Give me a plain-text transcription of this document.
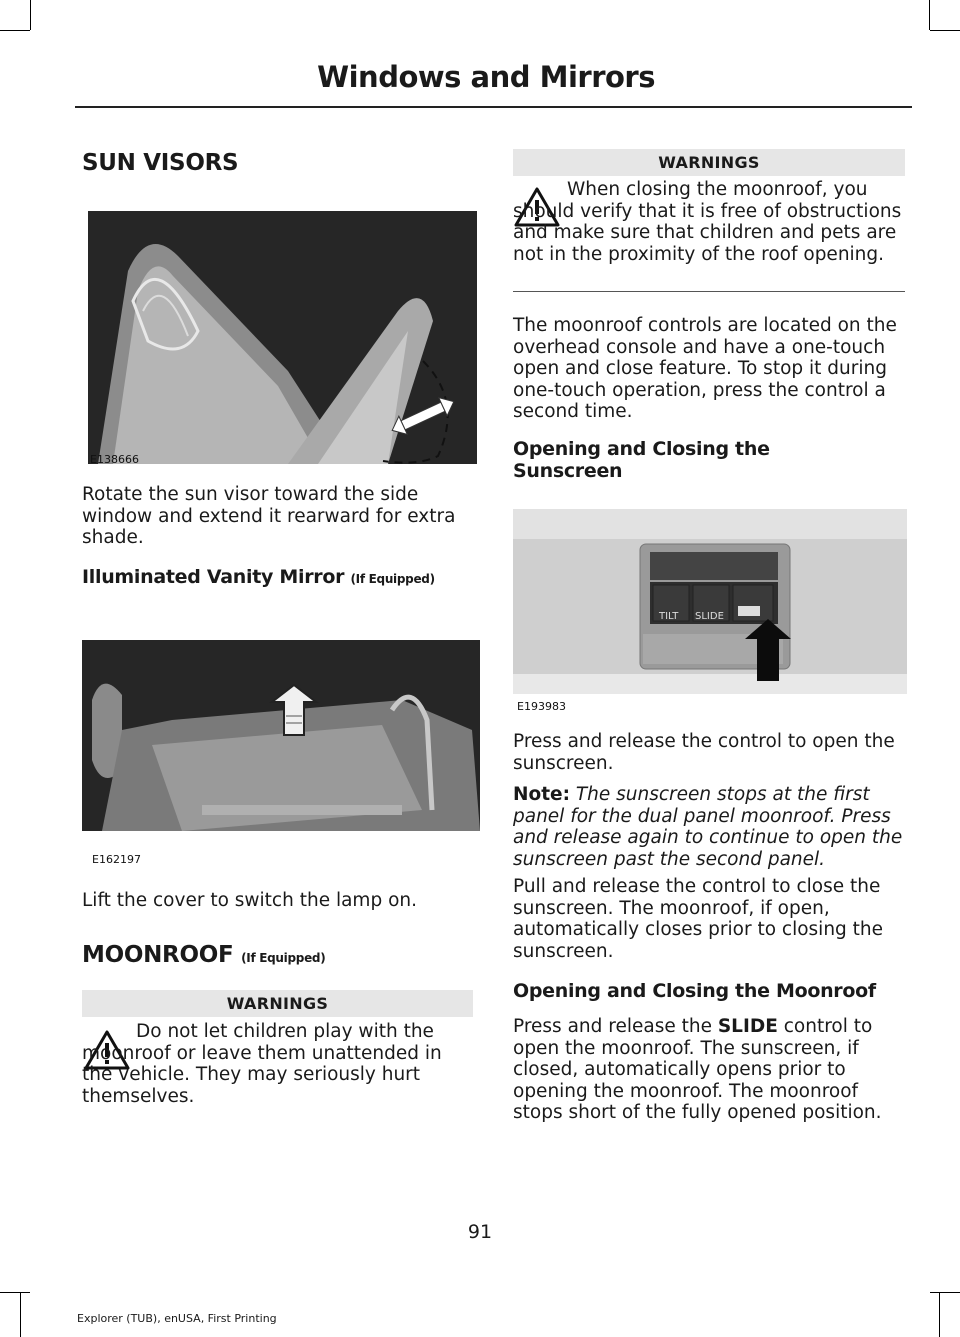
Windows and Mirrors
SUN VISORS
E138666
Rotate the sun visor toward the side window and extend it rearward for extra shade.
Illuminated Vanity Mirror (If Equipped)
E162197
Lift the cover to switch the lamp on.
MOONROOF (If Equipped)
WARNINGS
Do not let children play with the moonroof or leave them unattended in the vehicle. They may seriously hurt themselves.
WARNINGS
When closing the moonroof, you should verify that it is free of obstructions and make sure that children and pets are not in the proximity of the roof opening.
The moonroof controls are located on the overhead console and have a one-touch open and close feature. To stop it during one-touch operation, press the control a second time.
Opening and Closing the Sunscreen
TILT SLIDE
E193983
Press and release the control to open the sunscreen.
Note: The sunscreen stops at the first panel for the dual panel moonroof. Press and release again to continue to open the sunscreen past the second panel.
Pull and release the control to close the sunscreen. The moonroof, if open, automatically closes prior to closing the sunscreen.
Opening and Closing the Moonroof
Press and release the SLIDE control to open the moonroof. The sunscreen, if closed, automatically opens prior to opening the moonroof. The moonroof stops short of the fully opened position.
91
Explorer (TUB), enUSA, First Printing
